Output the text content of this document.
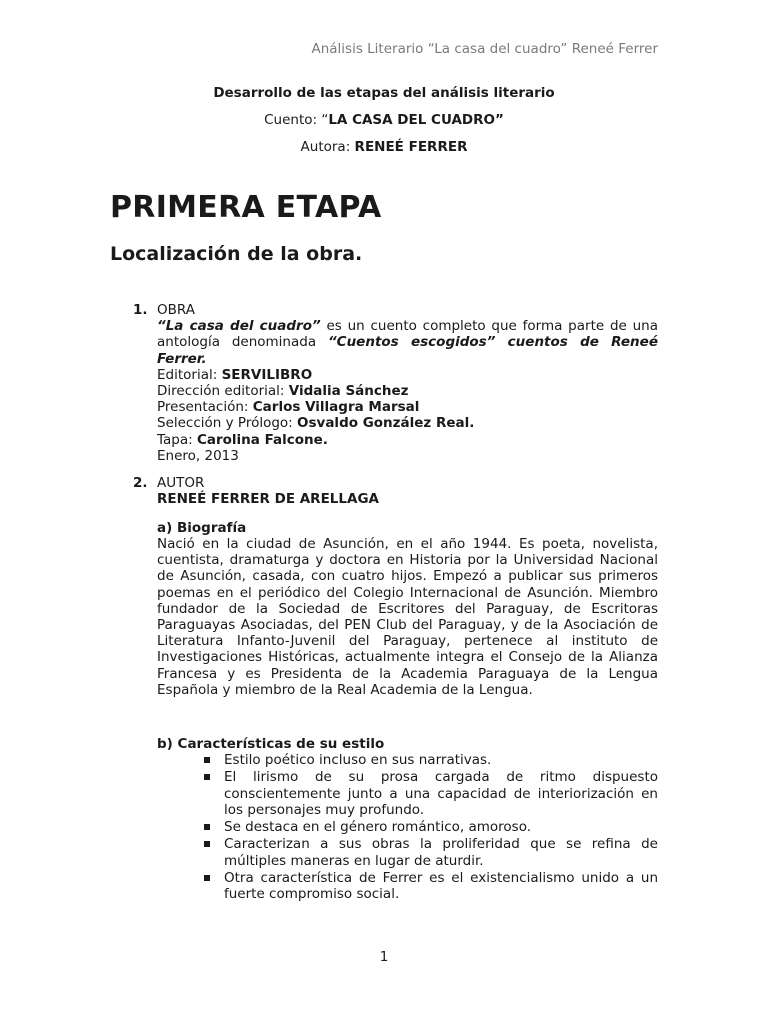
Análisis Literario “La casa del cuadro” Reneé Ferrer
Desarrollo de las etapas del análisis literario
Cuento: “LA CASA DEL CUADRO”
Autora: RENEÉ FERRER
PRIMERA ETAPA
Localización de la obra.
1. OBRA
“La casa del cuadro” es un cuento completo que forma parte de una antología denominada “Cuentos escogidos” cuentos de Reneé Ferrer.
Editorial: SERVILIBRO
Dirección editorial: Vidalia Sánchez
Presentación: Carlos Villagra Marsal
Selección y Prólogo: Osvaldo González Real.
Tapa: Carolina Falcone.
Enero, 2013
2. AUTOR
RENEÉ FERRER DE ARELLAGA
a) Biografía
Nació en la ciudad de Asunción, en el año 1944. Es poeta, novelista, cuentista, dramaturga y doctora en Historia por la Universidad Nacional de Asunción, casada, con cuatro hijos. Empezó a publicar sus primeros poemas en el periódico del Colegio Internacional de Asunción. Miembro fundador de la Sociedad de Escritores del Paraguay, de Escritoras Paraguayas Asociadas, del PEN Club del Paraguay, y de la Asociación de Literatura Infanto-Juvenil del Paraguay, pertenece al instituto de Investigaciones Históricas, actualmente integra el Consejo de la Alianza Francesa y es Presidenta de la Academia Paraguaya de la Lengua Española y miembro de la Real Academia de la Lengua.
b) Características de su estilo
Estilo poético incluso en sus narrativas.
El lirismo de su prosa cargada de ritmo dispuesto conscientemente junto a una capacidad de interiorización en los personajes muy profundo.
Se destaca en el género romántico, amoroso.
Caracterizan a sus obras la proliferidad que se refina de múltiples maneras en lugar de aturdir.
Otra característica de Ferrer es el existencialismo unido a un fuerte compromiso social.
1
